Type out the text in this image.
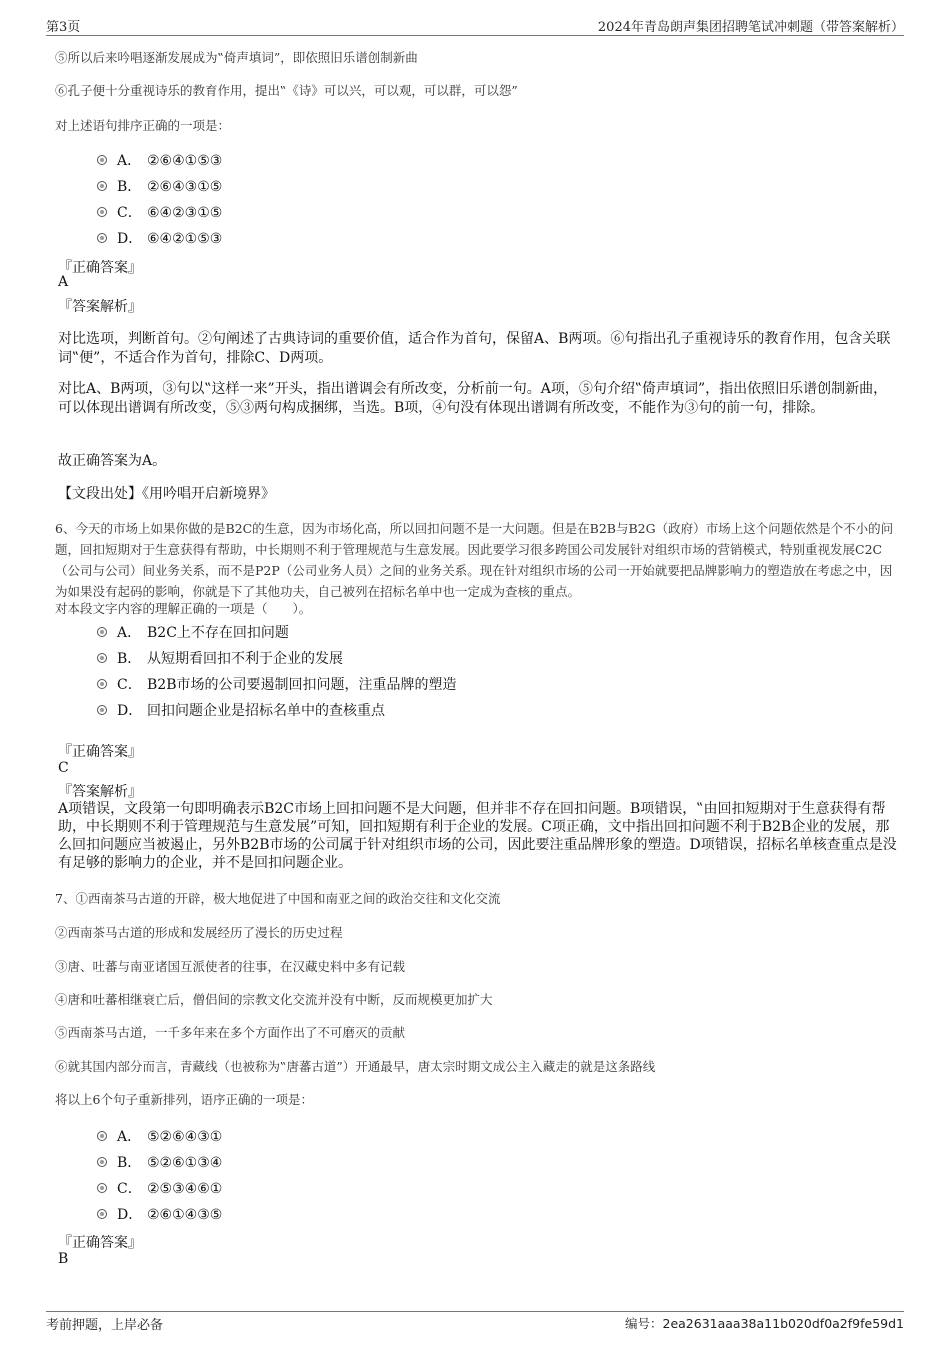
第3页	2024年青岛朗声集团招聘笔试冲刺题（带答案解析）
⑤所以后来吟唱逐渐发展成为‟倚声填词”，即依照旧乐谱创制新曲
⑥孔子便十分重视诗乐的教育作用，提出‟《诗》可以兴，可以观，可以群，可以怨”
对上述语句排序正确的一项是：
A． ②⑥④①⑤③
B． ②⑥④③①⑤
C． ⑥④②③①⑤
D． ⑥④②①⑤③
『正确答案』
A
『答案解析』
对比选项，判断首句。②句阐述了古典诗词的重要价值，适合作为首句，保留A、B两项。⑥句指出孔子重视诗乐的教育作用，包含关联词‟便”，不适合作为首句，排除C、D两项。
对比A、B两项，③句以‟这样一来”开头，指出谱调会有所改变，分析前一句。A项，⑤句介绍‟倚声填词”，指出依照旧乐谱创制新曲，可以体现出谱调有所改变，⑤③两句构成捆绑，当选。B项，④句没有体现出谱调有所改变，不能作为③句的前一句，排除。
故正确答案为A。
【文段出处】《用吟唱开启新境界》
6、今天的市场上如果你做的是B2C的生意，因为市场化高，所以回扣问题不是一大问题。但是在B2B与B2G（政府）市场上这个问题依然是个不小的问题，回扣短期对于生意获得有帮助，中长期则不利于管理规范与生意发展。因此要学习很多跨国公司发展针对组织市场的营销模式，特别重视发展C2C（公司与公司）间业务关系，而不是P2P（公司业务人员）之间的业务关系。现在针对组织市场的公司一开始就要把品牌影响力的塑造放在考虑之中，因为如果没有起码的影响，你就是下了其他功夫，自己被列在招标名单中也一定成为查核的重点。
对本段文字内容的理解正确的一项是（　　）。
A． B2C上不存在回扣问题
B． 从短期看回扣不利于企业的发展
C． B2B市场的公司要遏制回扣问题，注重品牌的塑造
D． 回扣问题企业是招标名单中的查核重点
『正确答案』
C
『答案解析』
A项错误，文段第一句即明确表示B2C市场上回扣问题不是大问题，但并非不存在回扣问题。B项错误，‟由回扣短期对于生意获得有帮助，中长期则不利于管理规范与生意发展”可知，回扣短期有利于企业的发展。C项正确，文中指出回扣问题不利于B2B企业的发展，那么回扣问题应当被遏止，另外B2B市场的公司属于针对组织市场的公司，因此要注重品牌形象的塑造。D项错误，招标名单核查重点是没有足够的影响力的企业，并不是回扣问题企业。
7、①西南茶马古道的开辟，极大地促进了中国和南亚之间的政治交往和文化交流
②西南茶马古道的形成和发展经历了漫长的历史过程
③唐、吐蕃与南亚诸国互派使者的往事，在汉藏史料中多有记载
④唐和吐蕃相继衰亡后，僧侣间的宗教文化交流并没有中断，反而规模更加扩大
⑤西南茶马古道，一千多年来在多个方面作出了不可磨灭的贡献
⑥就其国内部分而言，青藏线（也被称为‟唐蕃古道”）开通最早，唐太宗时期文成公主入藏走的就是这条路线
将以上6个句子重新排列，语序正确的一项是：
A． ⑤②⑥④③①
B． ⑤②⑥①③④
C． ②⑤③④⑥①
D． ②⑥①④③⑤
『正确答案』
B
考前押题，上岸必备	编号：2ea2631aaa38a11b020df0a2f9fe59d1
